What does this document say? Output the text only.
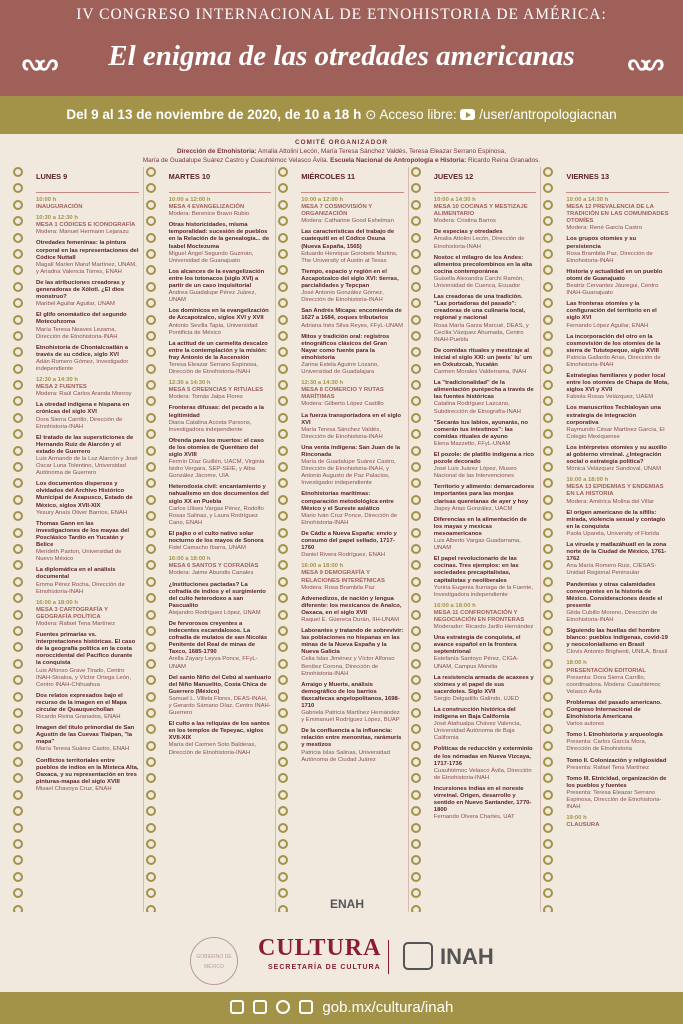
IV CONGRESO INTERNACIONAL DE ETNOHISTORIA DE AMÉRICA:
ᔓᔕ	El enigma de las otredades americanas	ᔓᔕ
Del 9 al 13 de noviembre de 2020, de 10 a 18 h ⊙ Acceso libre: /user/antropologiacnan
COMITÉ ORGANIZADOR
Dirección de Etnohistoria: Amalia Attolini Lecón, María Teresa Sánchez Valdés, Teresa Eleazar Serrano Espinosa,
María de Guadalupe Suárez Castro y Cuauhtémoc Velasco Ávila. Escuela Nacional de Antropología e Historia: Ricardo Reina Granados.
LUNES 9
10:00 h
INAUGURACIÓN
10:30 a 12:30 h
MESA 1 CÓDICES E ICONOGRAFÍA
Modera: Manuel Hermann Lejarazu
Otredades femeninas: la pintura corporal en las representaciones del Códice Nuttall
Magalí Marlen Maruf Martínez, UNAM, y Ariadna Valencia Torres, ENAH
De las atribuciones creadoras y generadoras de Xólotl. ¿El dios monstruo?
Maribel Aguilar Aguilar, UNAM
El glifo onomástico del segundo Motecuhzoma
María Teresa Neaves Lezama, Dirección de Etnohistoria-INAH
Etnohistoria de Chontalcoatlán a través de su códice, siglo XVI
Adán Romero Gómez, Investigador independiente
12:30 a 14:30 h
MESA 2 FUENTES
Modera: Raúl Carlos Aranda Monroy
La otredad indígena e hispana en crónicas del siglo XVI
Dora Sierra Carrillo, Dirección de Etnohistoria-INAH
El tratado de las supersticiones de Hernando Ruiz de Alarcón y el estado de Guerrero
Luis Armando de la Luz Alarcón y José Oscar Luna Tolentino, Universidad Autónoma de Guerrero
Los documentos dispersos y olvidados del Archivo Histórico Municipal de Axapusco, Estado de México, siglos XVII-XIX
Yesury Anaís Oliver Barrios, ENAH
Thomas Gann en las investigaciones de los mayas del Posclásico Tardío en Yucatán y Belice
Merideth Paxton, Universidad de Nuevo México
La diplomática en el análisis documental
Emma Pérez Rocha, Dirección de Etnohistoria-INAH
16:00 a 18:00 h
MESA 3 CARTOGRAFÍA Y GEOGRAFÍA POLÍTICA
Modera: Rafael Tena Martínez
Fuentes primarias vs. interpretaciones históricas. El caso de la geografía política en la costa noroccidental del Pacífico durante la conquista
Luis Alfonso Grave Tirado, Centro INAH-Sinaloa, y Víctor Ortega León, Centro INAH-Chihuahua
Dos relatos expresados bajo el recurso de la imagen en el Mapa circular de Quauquechollan
Ricardo Reina Granados, ENAH
Imagen del título primordial de San Agustín de las Cuevas Tlalpan, "la mapa"
María Teresa Suárez Castro, ENAH
Conflictos territoriales entre pueblos de indios en la Mixteca Alta, Oaxaca, y su representación en tres pinturas-mapas del siglo XVIII
Misael Chavoya Cruz, ENAH
MARTES 10
10:00 a 12:00 h
MESA 4 EVANGELIZACIÓN
Modera: Berenice Bravo Rubio
Otras historicidades, misma temporalidad: sucesión de pueblos en la Relación de la genealogía... de Isabel Moctezuma
Miguel Ángel Segundo Guzmán, Universidad de Guanajuato
Los alcances de la evangelización entre los totonacos (siglo XVI) a partir de un caso inquisitorial
Andrea Guadalupe Pérez Juárez, UNAM
Los dominicos en la evangelización de Azcapotzalco, siglos XVI y XVII
Antonio Sevilla Tapia, Universidad Pontificia de México
La actitud de un carmelita descalzo entre la contemplación y la misión: fray Antonio de la Ascensión
Teresa Eleazar Serrano Espinosa, Dirección de Etnohistoria-INAH
12:30 a 14:30 h
MESA 5 CREENCIAS Y RITUALES
Modera: Tomás Jalpa Flores
Fronteras difusas: del pecado a la legitimidad
Diana Catalina Acosta Parsons, Investigadora independiente
Ofrenda para los muertos: el caso de los otomíes de Querétaro del siglo XVIII
Fermín Díaz Guillén, UACM, Virginia Isidro Vergara, SEP-SEIE, y Alba González Jácome, UIA
Heterodoxia civil: encantamiento y nahualismo en dos documentos del siglo XX en Puebla
Carlos Ulises Vargas Pérez, Rodolfo Rosas Salinas, y Laura Rodríguez Cano, ENAH
El pajko o el culto nativo solar nocturno de los mayos de Sonora
Fidel Camacho Ibarra, UNAM
16:00 a 18:00 h
MESA 6 SANTOS Y COFRADÍAS
Modera: Jaime Abundis Canales
¿Instituciones pactadas? La cofradía de indios y el surgimiento del culto heterodoxo a san Pascualito
Alejandro Rodríguez López, UNAM
De fervorosos creyentes a indecentes escandalosos. La cofradía de mulatos de san Nicolás Penitente del Real de minas de Taxco, 1685-1790
Arella Zayary Leyva Ponce, FFyL-UNAM
Del santo Niño del Cebú al santuario del Niño Manuelito, Costa Chica de Guerrero (México)
Samuel L. Villela Flores, DEAS-INAH, y Gerardo Sámano Díaz, Centro INAH-Guerrero
El culto a las reliquias de los santos en los templos de Tepeyac, siglos XVII-XIX
María del Carmen Soto Balderas, Dirección de Etnohistoria-INAH
MIÉRCOLES 11
10:00 a 12:00 h
MESA 7 COSMOVISIÓN Y ORGANIZACIÓN
Modera: Catharine Good Eshelman
Las características del trabajo de cuatequitl en el Códice Osuna (Nueva España, 1565)
Eduardo Henrique Gorobets Martins, The University of Austin at Texas
Tiempo, espacio y región en el Azcapotzalco del siglo XVI: tierras, parcialidades y Tepcpan
José Antonio González Gómez, Dirección de Etnohistoria-INAH
San Andrés Micapa: encomienda de 1627 a 1684, zoques tributarios
Adriana Inés Silva Reyes, FFyL-UNAM
Mitos y tradición oral: registros etnográficos clásicos del Gran Nayar como fuente para la etnohistoria
Zarina Estela Aguirre Lozano, Universidad de Guadalajara
12:30 a 14:30 h
MESA 8 COMERCIO Y RUTAS MARÍTIMAS
Modera: Gilberto López Castillo
La fuerza transportadora en el siglo XVI
María Teresa Sánchez Valdés, Dirección de Etnohistoria-INAH
Una venta indígena: San Juan de la Rinconada
María de Guadalupe Suárez Castro, Dirección de Etnohistoria-INAH, y Antonio Augusto de Paz Palacios, Investigador independiente
Etnohistorias marítimas: comparación metodológica entre México y el Sureste asiático
Mario Iván Cruz Ponce, Dirección de Etnohistoria-INAH
De Cádiz a Nueva España: envío y consumo del papel sellado, 1717-1760
Daniel Rivera Rodríguez, ENAH
16:00 a 18:00 h
MESA 9 DEMOGRAFÍA Y RELACIONES INTERÉTNICAS
Modera: Rosa Brambila Paz
Advenedizos, de nación y lengua diferente: los mexicanos de Analco, Oaxaca, en el siglo XVII
Raquel E. Güereca Durán, IIH-UNAM
Laborantes y tratando de sobrevivir: las poblaciones no hispanas en las minas de la Nueva España y la Nueva Galicia
Celia Islas Jiménez y Víctor Alfonso Benítez Corona, Dirección de Etnohistoria-INAH
Arraigo y Muerte, análisis demográfico de los barrios tlaxcaltecas angelopolitanos, 1698-1710
Gabriela Patricia Martínez Hernández y Emmanuel Rodríguez López, BUAP
De la confluencia a la influencia: relación entre menonitas, rarámuris y mestizos
Patricia Islas Salinas, Universidad Autónoma de Ciudad Juárez
JUEVES 12
10:00 a 14:30 h
MESA 10 COCINAS Y MESTIZAJE ALIMENTARIO
Modera: Cristina Barros
De especias y otredades
Amalia Attolini Lecón, Dirección de Etnohistoria-INAH
Nostoc el milagro de los Andes: alimentos precolombinos en la alta cocina contemporánea
Guisella Alexandra Carchi Ramón, Universidad de Cuenca, Ecuador
Las creadoras de una tradición. "Las portadoras del pasado": creadoras de una culinaria local, regional y nacional
Rosa María Garza Marcué, DEAS, y Cecilia Vázquez Ahumada, Centro INAH-Puebla
De comidas rituales y mestizaje al inicial el siglo XXI: un jwets´ lu´ um en Oxkutzcab, Yucatán
Carmen Morales Valderrama, INAH
La "tradicionalidad" de la alimentación purépecha a través de las fuentes históricas
Catalina Rodríguez Lazcano, Subdirección de Etnografía-INAH
"Secarás tus labios, ayunarás, no comerán tus intestinos": las comidas rituales de ayuno
Elena Mazzetto, FFyL-UNAM
El pozole: de platillo indígena a rico pozole decorado
José Luis Juárez López, Museo Nacional de las Intervenciones
Territorio y alimento: demarcadores importantes para las monjas clarisas queretanas de ayer y hoy
Jiapsy Arias González, UACM
Diferencias en la alimentación de los mayas y mexicas mesoamericanos
Luis Alberto Vargas Guadarrama, UNAM
El papel revolucionario de las cocinas. Tres ejemplos: en las sociedades precapitalistas, capitalistas y neoliberales
Yuriria Eugenia Iturriaga de la Fuente, Investigadora independiente
16:00 a 18:00 h
MESA 11 CONFRONTACIÓN Y NEGOCIACIÓN EN FRONTERAS
Moderador: Ricardo Jarillo Hernández
Una estrategia de conquista, el avance español en la frontera septentrional
Estefanía Santoyo Pérez, CIGA-UNAM, Campus Morelia
La resistencia armada de acaxees y xiximes y el papel de sus sacerdotes. Siglo XVII
Sergio Delgadillo Galindo, UJED
La construcción histórica del indígena en Baja California
José Atahualpa Chávez Valencia, Universidad Autónoma de Baja California
Políticas de reducción y exterminio de los nómadas en Nueva Vizcaya, 1717-1736
Cuauhtémoc Velasco Ávila, Dirección de Etnohistoria-INAH
Incursiones indias en el noreste virreinal. Origen, desarrollo y sentido en Nuevo Santander, 1770-1800
Fernando Olvera Charles, UAT
VIERNES 13
10:00 a 14:30 h
MESA 12 PREVALENCIA DE LA TRADICIÓN EN LAS COMUNIDADES OTOMÍES
Modera: René García Castro
Los grupos otomíes y su persistencia
Rosa Brambila Paz, Dirección de Etnohistoria-INAH
Historia y actualidad en un pueblo otomí de Guanajuato
Beatriz Cervantes Jáuregui, Centro INAH-Guanajuato
Las fronteras otomíes y la configuración del territorio en el siglo XVI
Fernando López Aguilar, ENAH
La incorporación del otro en la cosmovisión de los otomíes de la sierra de Tututepeque, siglo XVIII
Patricia Gallardo Arias, Dirección de Etnohistoria-INAH
Estrategias familiares y poder local entre los otomíes de Chapa de Mota, siglos XVI y XVII
Fabiola Rosas Velázquez, UAEM
Los manuscritos Techialoyan una estrategia de integración corporativa
Raymundo César Martínez García, El Colegio Mexiquense
Los intérpretes otomíes y su auxilio al gobierno virreinal. ¿Integración social o estrategia política?
Mónica Velázquez Sandoval, UNAM
16:00 a 18:00 h
MESA 13 EPIDEMIAS Y ENDEMIAS EN LA HISTORIA
Modera: América Molina del Villar
El origen americano de la sífilis: mirada, violencia sexual y contagio en la conquista
Paola Uparela, University of Florida
La viruela y matlazáhuatl en la zona norte de la Ciudad de México, 1761-1762
Ana María Romero Ruiz, CIESAS-Unidad Regional Peninsular
Pandemias y otras calamidades convergentes en la historia de México. Consideraciones desde el presente
Gilda Cubillo Moreno, Dirección de Etnohistoria-INAH
Siguiendo las huellas del hombre blanco: pueblos indígenas, covid-19 y neocolonialismo en Brasil
Clovis Antonio Brighenti, UNILA, Brasil
18:00 h
PRESENTACIÓN EDITORIAL
Presenta: Dora Sierra Carrillo, coordinadora. Modera: Cuauhtémoc Velasco Ávila
Problemas del pasado americano. Congreso Internacional de Etnohistoria Americana
Varios autores
Tomo I. Etnohistoria y arqueología
Presenta: Carlos García Mora, Dirección de Etnohistoria
Tomo II. Colonización y religiosidad
Presenta: Rafael Tena Martínez
Tomo III. Etnicidad, organización de los pueblos y fuentes
Presenta: Teresa Eleazar Serrano Espinosa, Dirección de Etnohistoria-INAH
19:00 h
CLAUSURA
ENAH
GOBIERNO DE MÉXICO
CULTURA
SECRETARÍA DE CULTURA	INAH
gob.mx/cultura/inah
